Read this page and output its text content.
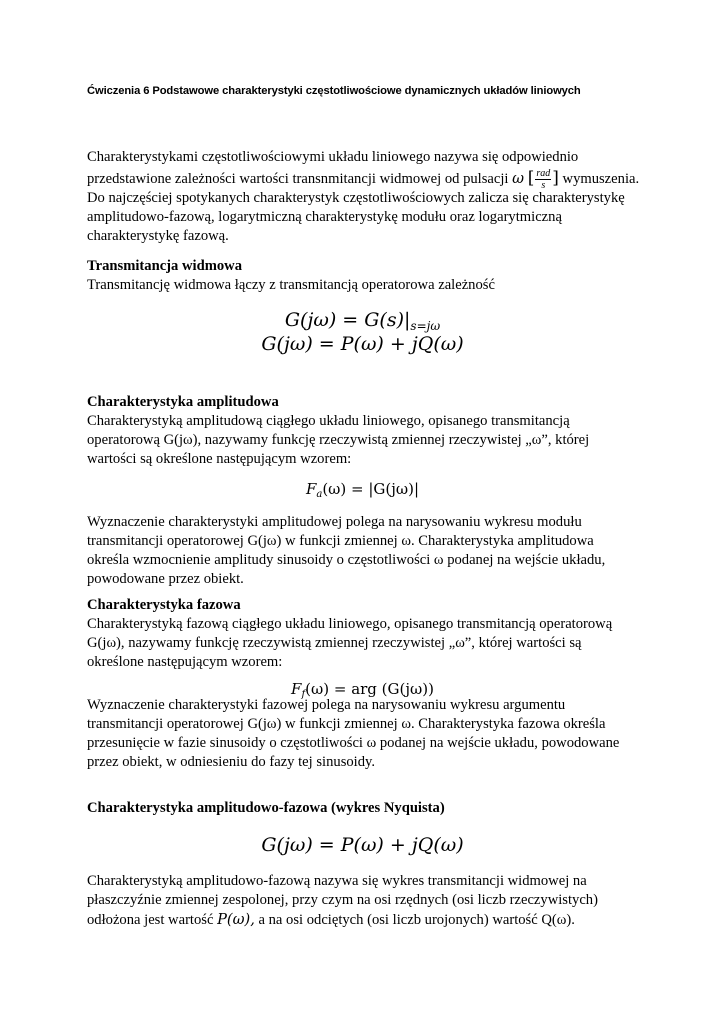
Ćwiczenia 6 Podstawowe charakterystyki częstotliwościowe dynamicznych układów liniowych
Charakterystykami częstotliwościowymi układu liniowego nazywa się odpowiednio
przedstawione zależności wartości transnmitancji widmowej od pulsacji ω [ $\frac{\text{rad}}{s}$ ] wymuszenia.
Do najczęściej spotykanych charakterystyk częstotliwościowych zalicza się charakterystykę
amplitudowo-fazową, logarytmiczną charakterystykę modułu oraz logarytmiczną
charakterystykę fazową.
Transmitancja widmowa
Transmitancję widmowa łączy z transmitancją operatorowa zależność
$G(j\omega) = G(s)|_{s=j\omega}$
G(jω) = P(ω) + jQ(ω)
Charakterystyka amplitudowa
Charakterystyką amplitudową ciągłego układu liniowego, opisanego transmitancją
operatorową G(jω), nazywamy funkcję rzeczywistą zmiennej rzeczywistej „ω”, której
wartości są określone następującym wzorem:
$F_a(\omega) = |G(j\omega)|$
Wyznaczenie charakterystyki amplitudowej polega na narysowaniu wykresu modułu
transmitancji operatorowej G(jω) w funkcji zmiennej ω. Charakterystyka amplitudowa
określa wzmocnienie amplitudy sinusoidy o częstotliwości ω podanej na wejście układu,
powodowane przez obiekt.
Charakterystyka fazowa
Charakterystyką fazową ciągłego układu liniowego, opisanego transmitancją operatorową
G(jω), nazywamy funkcję rzeczywistą zmiennej rzeczywistej „ω”, której wartości są
określone następującym wzorem:
$F_f(\omega)$ = arg (G(jω))
Wyznaczenie charakterystyki fazowej polega na narysowaniu wykresu argumentu
transmitancji operatorowej G(jω) w funkcji zmiennej ω. Charakterystyka fazowa określa
przesunięcie w fazie sinusoidy o częstotliwości ω podanej na wejście układu, powodowane
przez obiekt, w odniesieniu do fazy tej sinusoidy.
Charakterystyka amplitudowo-fazowa (wykres Nyquista)
G(jω) = P(ω) + jQ(ω)
Charakterystyką amplitudowo-fazową nazywa się wykres transmitancji widmowej na
płaszczyźnie zmiennej zespolonej, przy czym na osi rzędnych (osi liczb rzeczywistych)
odłożona jest wartość P(ω), a na osi odciętych (osi liczb urojonych) wartość Q(ω).
